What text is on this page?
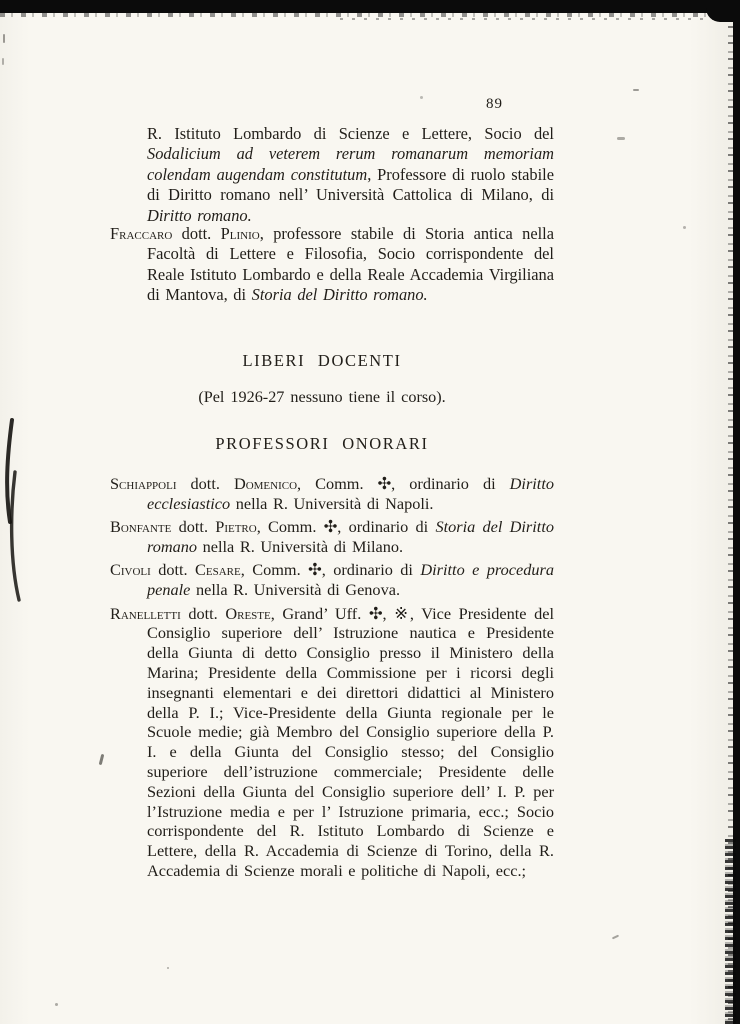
89

R. Istituto Lombardo di Scienze e Lettere, Socio del Sodalicium ad veterem rerum romanarum memoriam colendam augendam constitutum, Professore di ruolo stabile di Diritto romano nell’ Università Cattolica di Milano, di Diritto romano.

Fraccaro dott. Plinio, professore stabile di Storia antica nella Facoltà di Lettere e Filosofia, Socio corrispondente del Reale Istituto Lombardo e della Reale Accademia Virgiliana di Mantova, di Storia del Diritto romano.

LIBERI DOCENTI

(Pel 1926-27 nessuno tiene il corso).

PROFESSORI ONORARI

Schiappoli dott. Domenico, Comm. ✣, ordinario di Diritto ecclesiastico nella R. Università di Napoli.

Bonfante dott. Pietro, Comm. ✣, ordinario di Storia del Diritto romano nella R. Università di Milano.

Civoli dott. Cesare, Comm. ✣, ordinario di Diritto e procedura penale nella R. Università di Genova.

Ranelletti dott. Oreste, Grand’ Uff. ✣, ※, Vice Presidente del Consiglio superiore dell’ Istruzione nautica e Presidente della Giunta di detto Consiglio presso il Ministero della Marina; Presidente della Commissione per i ricorsi degli insegnanti elementari e dei direttori didattici al Ministero della P. I.; Vice-Presidente della Giunta regionale per le Scuole medie; già Membro del Consiglio superiore della P. I. e della Giunta del Consiglio stesso; del Consiglio superiore dell’istruzione commerciale; Presidente delle Sezioni della Giunta del Consiglio superiore dell’ I. P. per l’Istruzione media e per l’ Istruzione primaria, ecc.; Socio corrispondente del R. Istituto Lombardo di Scienze e Lettere, della R. Accademia di Scienze di Torino, della R. Accademia di Scienze morali e politiche di Napoli, ecc.;
